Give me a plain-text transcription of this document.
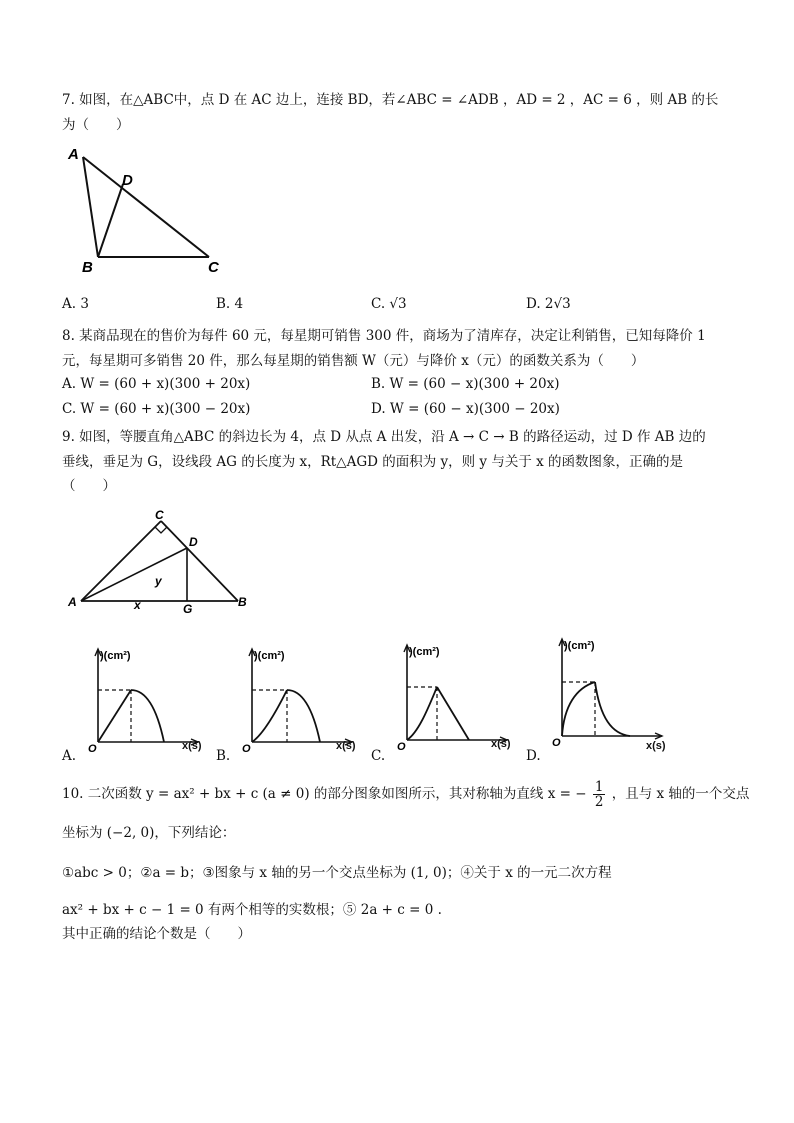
7. 如图，在△ABC中，点 D 在 AC 边上，连接 BD，若∠ABC = ∠ADB ，AD = 2 ，AC = 6 ，则 AB 的长
为（　　）
A
B	C
D
A. 3	B. 4	C. √3	D. 2√3
8. 某商品现在的售价为每件 60 元，每星期可销售 300 件，商场为了清库存，决定让利销售，已知每降价 1
元，每星期可多销售 20 件，那么每星期的销售额 W（元）与降价 x（元）的函数关系为（　　）
A. W = (60 + x)(300 + 20x)	B. W = (60 − x)(300 + 20x)
C. W = (60 + x)(300 − 20x)	D. W = (60 − x)(300 − 20x)
9. 如图，等腰直角△ABC 的斜边长为 4，点 D 从点 A 出发，沿 A → C → B 的路径运动，过 D 作 AB 边的
垂线，垂足为 G，设线段 AG 的长度为 x，Rt△AGD 的面积为 y，则 y 与关于 x 的函数图象，正确的是
（　　）
A	B
C
D
G
x
y
)(cm²)
O	x(s)
A.
)(cm²)
O	x(s)
B.
)(cm²)
O	x(s)
C.
)(cm²)
O	x(s)
D.
10. 二次函数 y = ax² + bx + c (a ≠ 0) 的部分图象如图所示，其对称轴为直线 x = − $\frac{1}{2}$ ，且与 x 轴的一个交点
坐标为 (−2, 0)，下列结论：
①abc > 0；②a = b；③图象与 x 轴的另一个交点坐标为 (1, 0)；④关于 x 的一元二次方程
ax² + bx + c − 1 = 0 有两个相等的实数根；⑤ 2a + c = 0 .
其中正确的结论个数是（　　）
